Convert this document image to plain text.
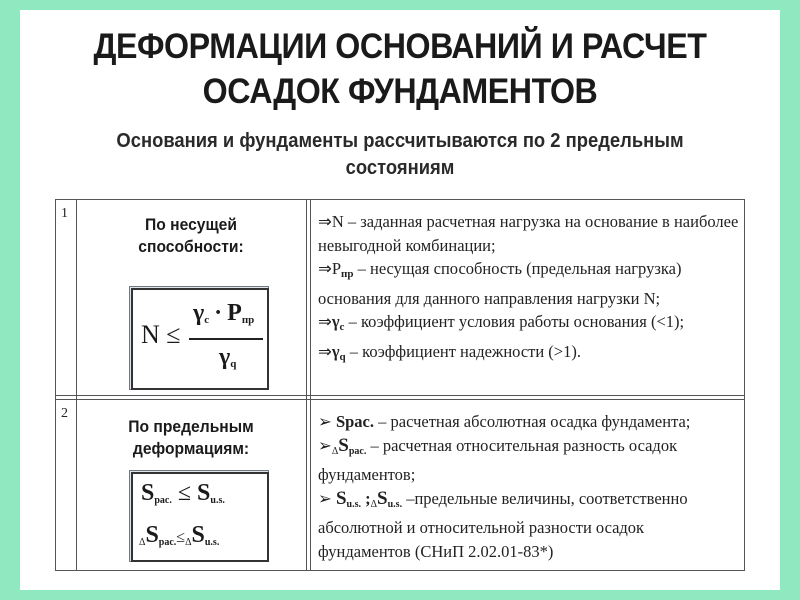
ДЕФОРМАЦИИ ОСНОВАНИЙ И РАСЧЕТ
ОСАДОК ФУНДАМЕНТОВ
Основания и фундаменты рассчитываются по 2 предельным
состояниям
1
По несущей
способности:
N ≤
$\gamma_c \cdot P_{пр}$
$\gamma_q$

⇒N – заданная расчетная нагрузка на основание в наиболее невыгодной комбинации;

$\Rightarrow P_{пр}$ – несущая способность (предельная нагрузка) основания для данного направления нагрузки N;

$\Rightarrow\gamma_c$ – коэффициент условия работы основания (<1);

$\Rightarrow\gamma_q$ – коэффициент надежности (>1).

2
По предельным
деформациям:
Sрас. ≤ Su.s.
ΔSрас.≤ΔSu.s.

➢ Spac. – расчетная абсолютная осадка фундамента;

➢ΔSрас. – расчетная относительная разность осадок фундаментов;

➢ Su.s. ;ΔSu.s. –предельные величины, соответственно абсолютной и относительной разности осадок фундаментов (СНиП 2.02.01-83*)
